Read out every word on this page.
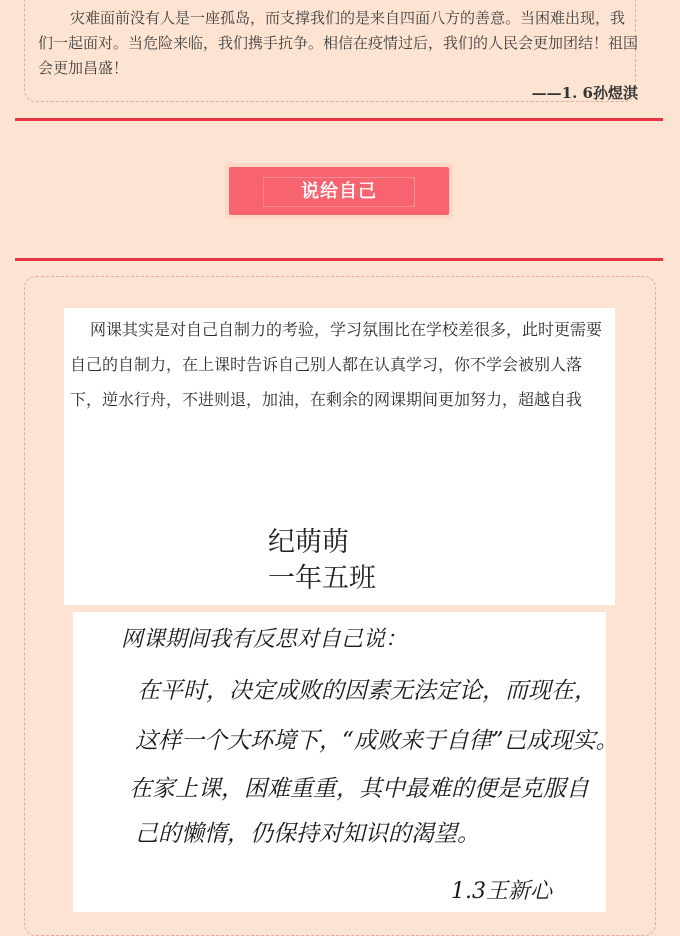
灾难面前没有人是一座孤岛，而支撑我们的是来自四面八方的善意。当困难出现，我们一起面对。当危险来临，我们携手抗争。相信在疫情过后，我们的人民会更加团结！祖国会更加昌盛！

——1. 6孙煜淇
说给自己

网课其实是对自己自制力的考验，学习氛围比在学校差很多，此时更需要自己的自制力，在上课时告诉自己别人都在认真学习，你不学会被别人落下，逆水行舟，不进则退，加油，在剩余的网课期间更加努力，超越自我

纪萌萌
一年五班

网课期间我有反思对自己说：

在平时，决定成败的因素无法定论，而现在，

这样一个大环境下，“成败来于自律”已成现实。

在家上课，困难重重，其中最难的便是克服自

己的懒惰，仍保持对知识的渴望。

1.3王新心
